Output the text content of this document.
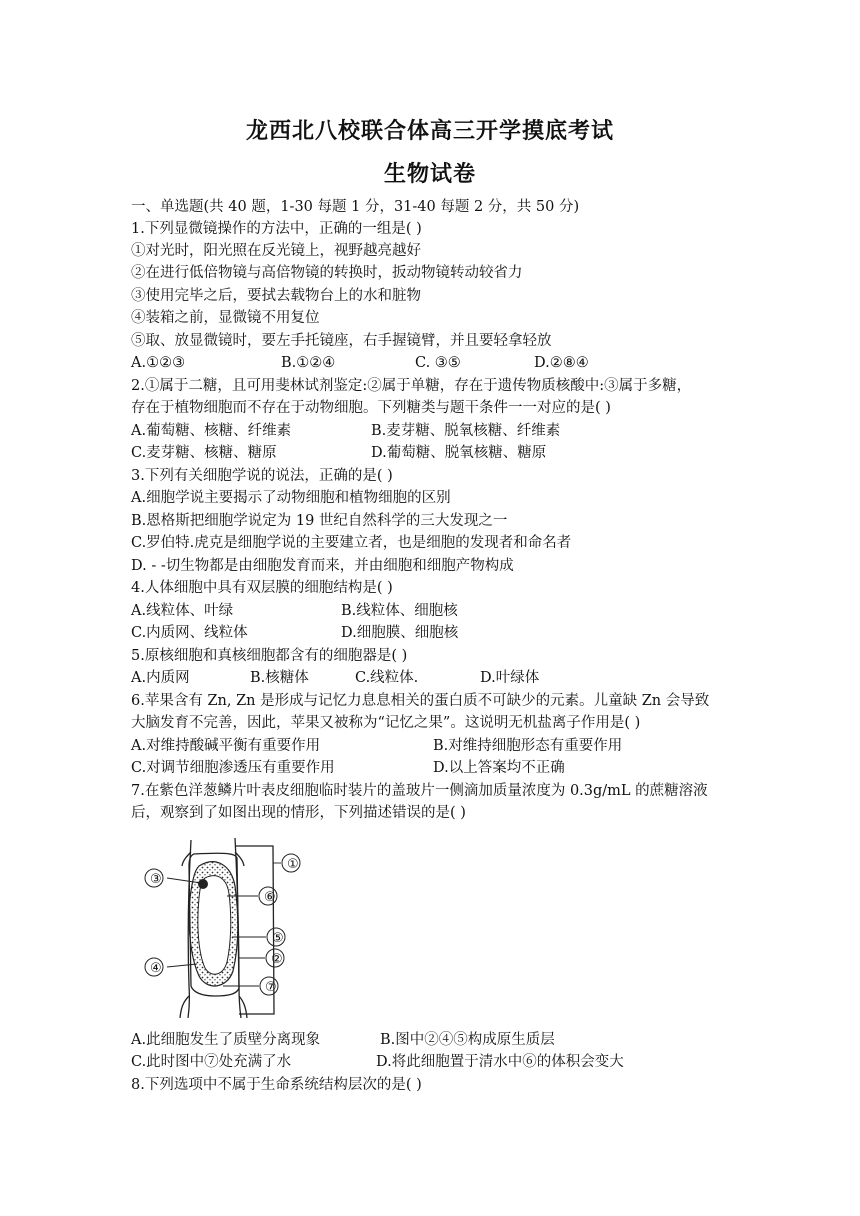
龙西北八校联合体高三开学摸底考试
生物试卷
一、单选题(共 40 题，1-30 每题 1 分，31-40 每题 2 分，共 50 分)
1.下列显微镜操作的方法中，正确的一组是( )
①对光时，阳光照在反光镜上，视野越亮越好
②在进行低倍物镜与高倍物镜的转换时，扳动物镜转动较省力
③使用完毕之后，要拭去载物台上的水和脏物
④装箱之前，显微镜不用复位
⑤取、放显微镜时，要左手托镜座，右手握镜臂，并且要轻拿轻放
A.①②③	B.①②④	C. ③⑤	D.②⑧④
2.①属于二糖，且可用斐林试剂鉴定:②属于单糖，存在于遗传物质核酸中:③属于多糖，
存在于植物细胞而不存在于动物细胞。下列糖类与题干条件一一对应的是( )
A.葡萄糖、核糖、纤维素	B.麦芽糖、脱氧核糖、纤维素
C.麦芽糖、核糖、糖原	D.葡萄糖、脱氧核糖、糖原
3.下列有关细胞学说的说法，正确的是( )
A.细胞学说主要揭示了动物细胞和植物细胞的区别
B.恩格斯把细胞学说定为 19 世纪自然科学的三大发现之一
C.罗伯特.虎克是细胞学说的主要建立者，也是细胞的发现者和命名者
D. - -切生物都是由细胞发育而来，并由细胞和细胞产物构成
4.人体细胞中具有双层膜的细胞结构是( )
A.线粒体、叶绿	B.线粒体、细胞核
C.内质网、线粒体	D.细胞膜、细胞核
5.原核细胞和真核细胞都含有的细胞器是( )
A.内质网	B.核糖体	C.线粒体.	D.叶绿体
6.苹果含有 Zn, Zn 是形成与记忆力息息相关的蛋白质不可缺少的元素。儿童缺 Zn 会导致
大脑发育不完善，因此，苹果又被称为“记忆之果”。这说明无机盐离子作用是( )
A.对维持酸碱平衡有重要作用	B.对维持细胞形态有重要作用
C.对调节细胞渗透压有重要作用	D.以上答案均不正确
7.在紫色洋葱鳞片叶表皮细胞临时装片的盖玻片一侧滴加质量浓度为 0.3g/mL 的蔗糖溶液
后，观察到了如图出现的情形，下列描述错误的是( )
①
③
⑥
⑤
②
④
⑦
A.此细胞发生了质壁分离现象	B.图中②④⑤构成原生质层
C.此时图中⑦处充满了水	D.将此细胞置于清水中⑥的体积会变大
8.下列选项中不属于生命系统结构层次的是( )
